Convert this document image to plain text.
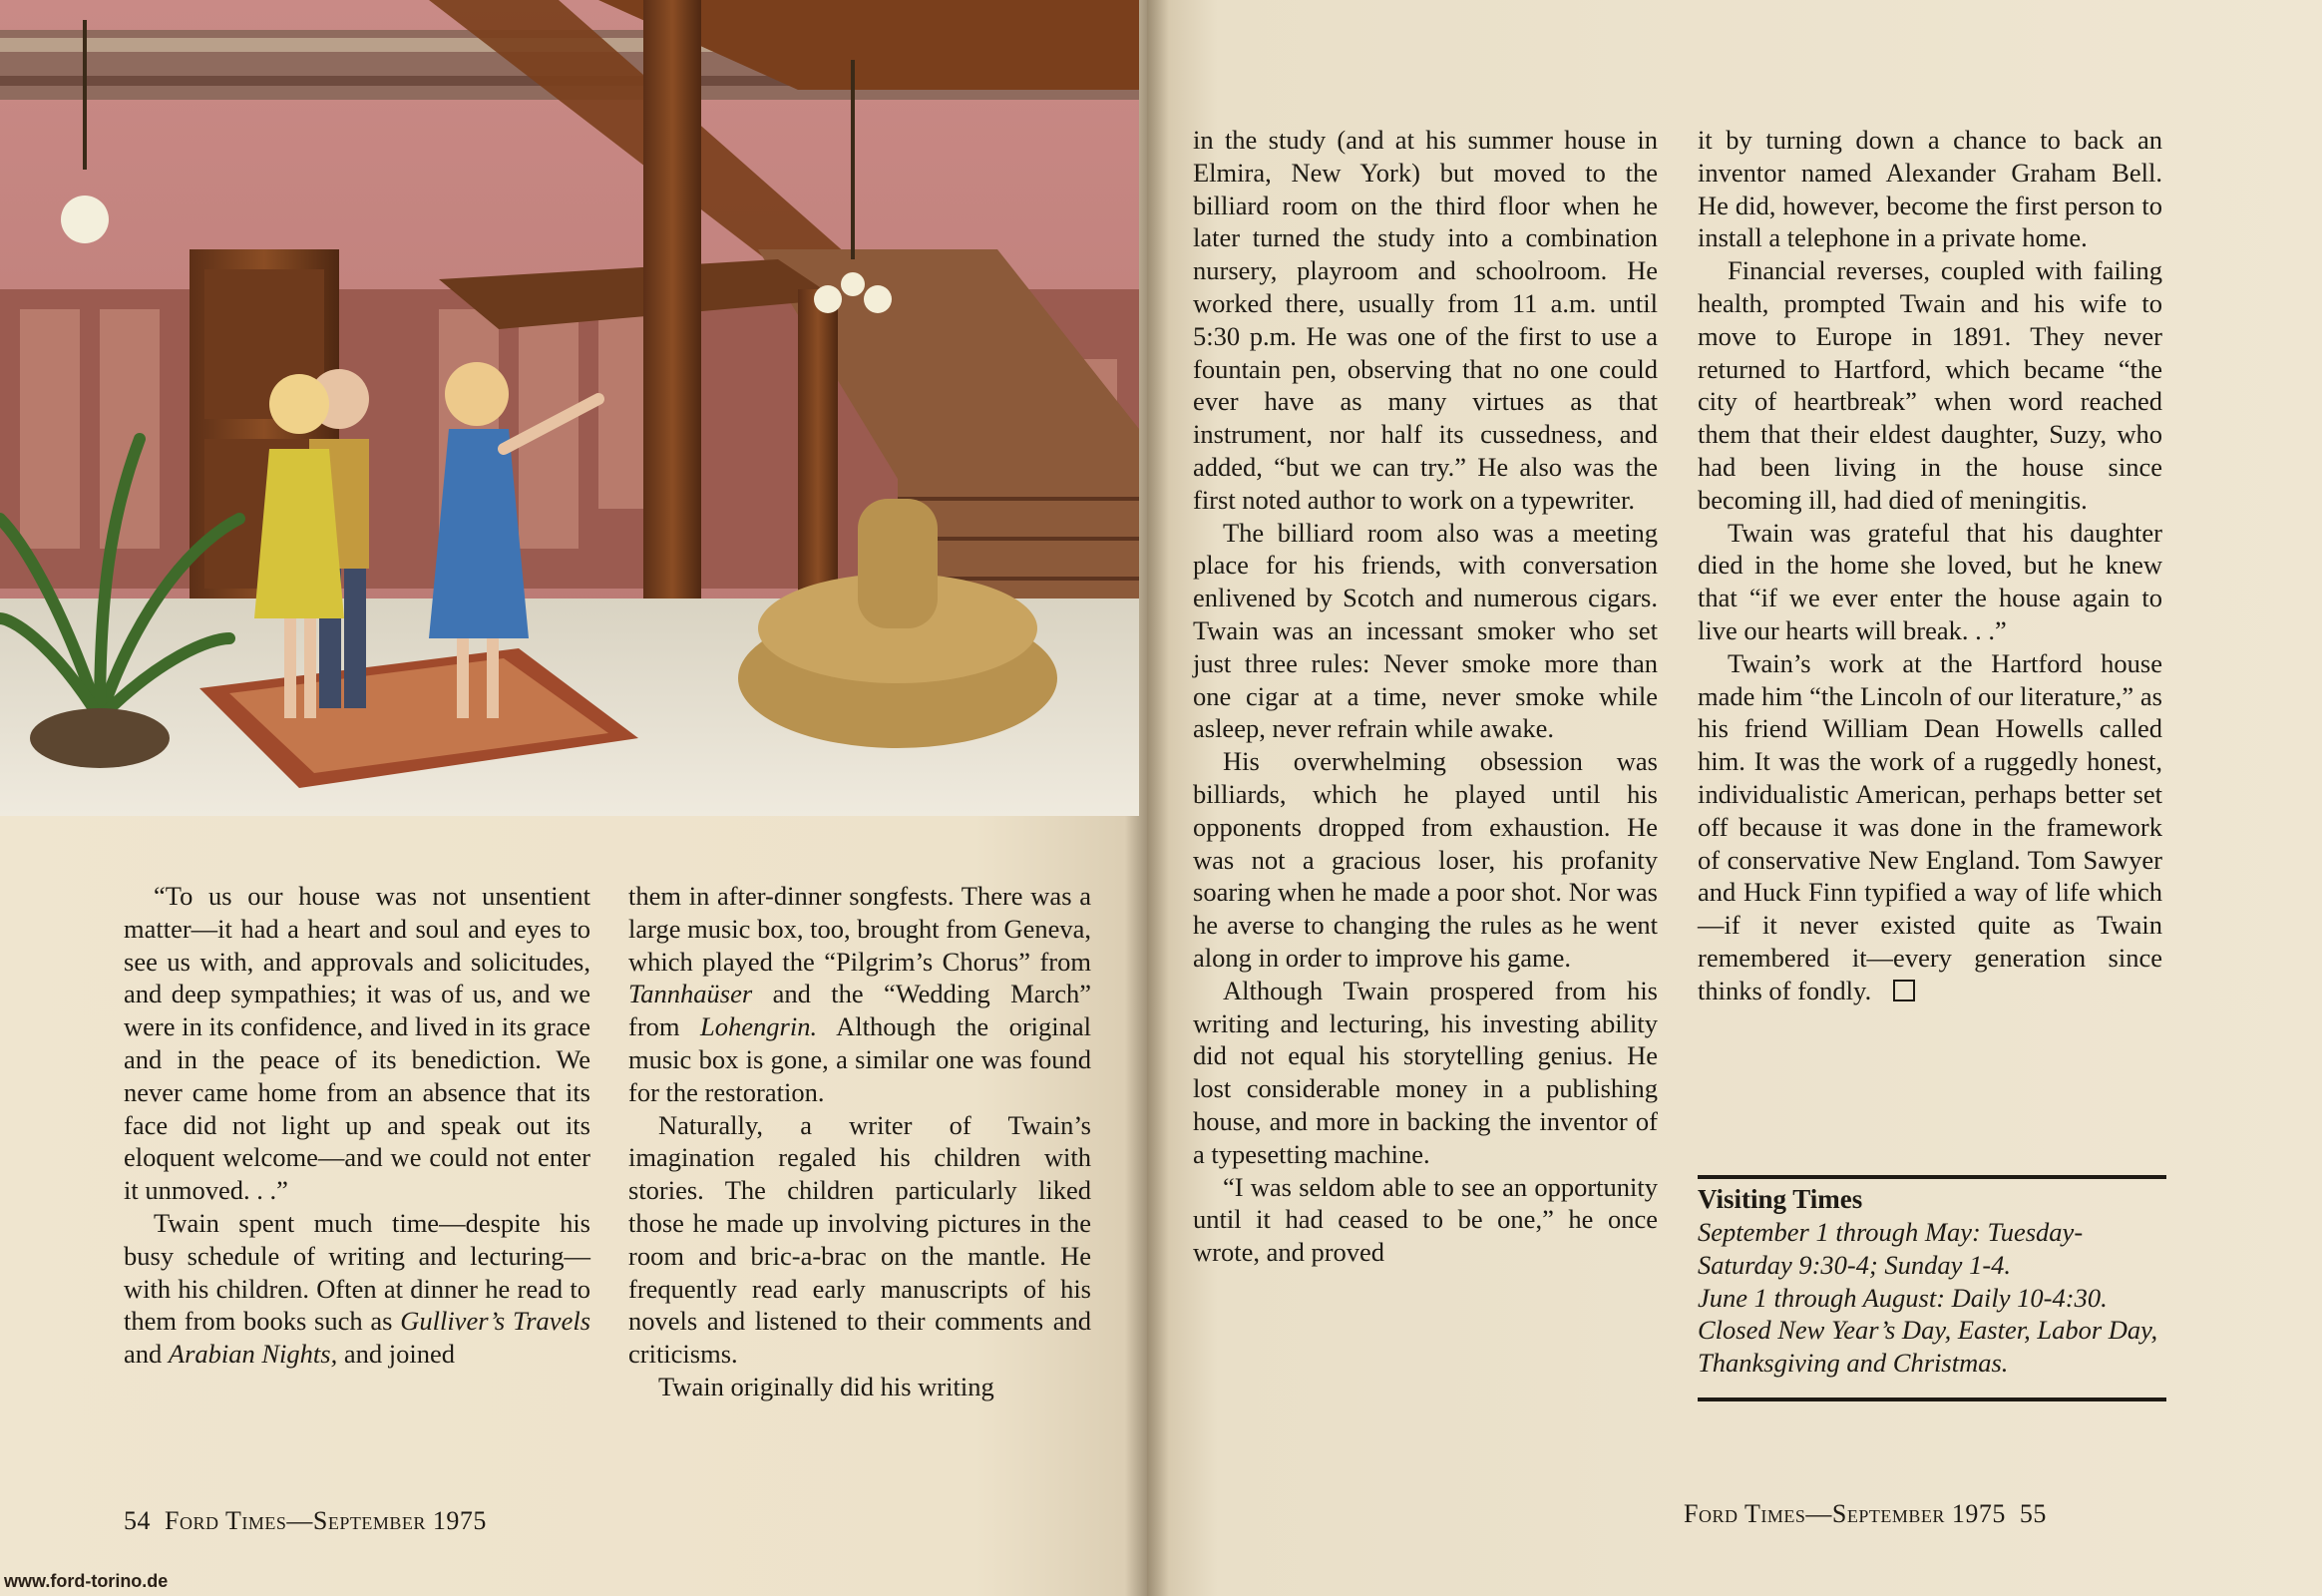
“To us our house was not unsentient matter—it had a heart and soul and eyes to see us with, and approvals and solicitudes, and deep sympathies; it was of us, and we were in its confidence, and lived in its grace and in the peace of its benediction. We never came home from an absence that its face did not light up and speak out its eloquent welcome—and we could not enter it unmoved. . .”

Twain spent much time—despite his busy schedule of writing and lecturing—with his children. Often at dinner he read to them from books such as Gulliver’s Travels and Arabian Nights, and joined

them in after-dinner songfests. There was a large music box, too, brought from Geneva, which played the “Pilgrim’s Chorus” from Tannhaüser and the “Wedding March” from Lohengrin. Although the original music box is gone, a similar one was found for the restoration.

Naturally, a writer of Twain’s imagination regaled his children with stories. The children particularly liked those he made up involving pictures in the room and bric-a-brac on the mantle. He frequently read early manuscripts of his novels and listened to their comments and criticisms.

Twain originally did his writing

in the study (and at his summer house in Elmira, New York) but moved to the billiard room on the third floor when he later turned the study into a combination nursery, playroom and schoolroom. He worked there, usually from 11 a.m. until 5:30 p.m. He was one of the first to use a fountain pen, observing that no one could ever have as many virtues as that instrument, nor half its cussedness, and added, “but we can try.” He also was the first noted author to work on a typewriter.

The billiard room also was a meeting place for his friends, with conversation enlivened by Scotch and numerous cigars. Twain was an incessant smoker who set just three rules: Never smoke more than one cigar at a time, never smoke while asleep, never refrain while awake.

His overwhelming obsession was billiards, which he played until his opponents dropped from exhaustion. He was not a gracious loser, his profanity soaring when he made a poor shot. Nor was he averse to changing the rules as he went along in order to improve his game.

Although Twain prospered from his writing and lecturing, his investing ability did not equal his storytelling genius. He lost considerable money in a publishing house, and more in backing the inventor of a typesetting machine.

“I was seldom able to see an opportunity until it had ceased to be one,” he once wrote, and proved

it by turning down a chance to back an inventor named Alexander Graham Bell. He did, however, become the first person to install a telephone in a private home.

Financial reverses, coupled with failing health, prompted Twain and his wife to move to Europe in 1891. They never returned to Hartford, which became “the city of heartbreak” when word reached them that their eldest daughter, Suzy, who had been living in the house since becoming ill, had died of meningitis.

Twain was grateful that his daughter died in the home she loved, but he knew that “if we ever enter the house again to live our hearts will break. . .”

Twain’s work at the Hartford house made him “the Lincoln of our literature,” as his friend William Dean Howells called him. It was the work of a ruggedly honest, individualistic American, perhaps better set off because it was done in the framework of conservative New England. Tom Sawyer and Huck Finn typified a way of life which—if it never existed quite as Twain remembered it—every generation since thinks of fondly.

Visiting Times
September 1 through May: Tuesday-Saturday 9:30-4; Sunday 1-4.
June 1 through August: Daily 10-4:30.
Closed New Year’s Day, Easter, Labor Day, Thanksgiving and Christmas.
54 Ford Times—September 1975	Ford Times—September 1975 55
www.ford-torino.de
